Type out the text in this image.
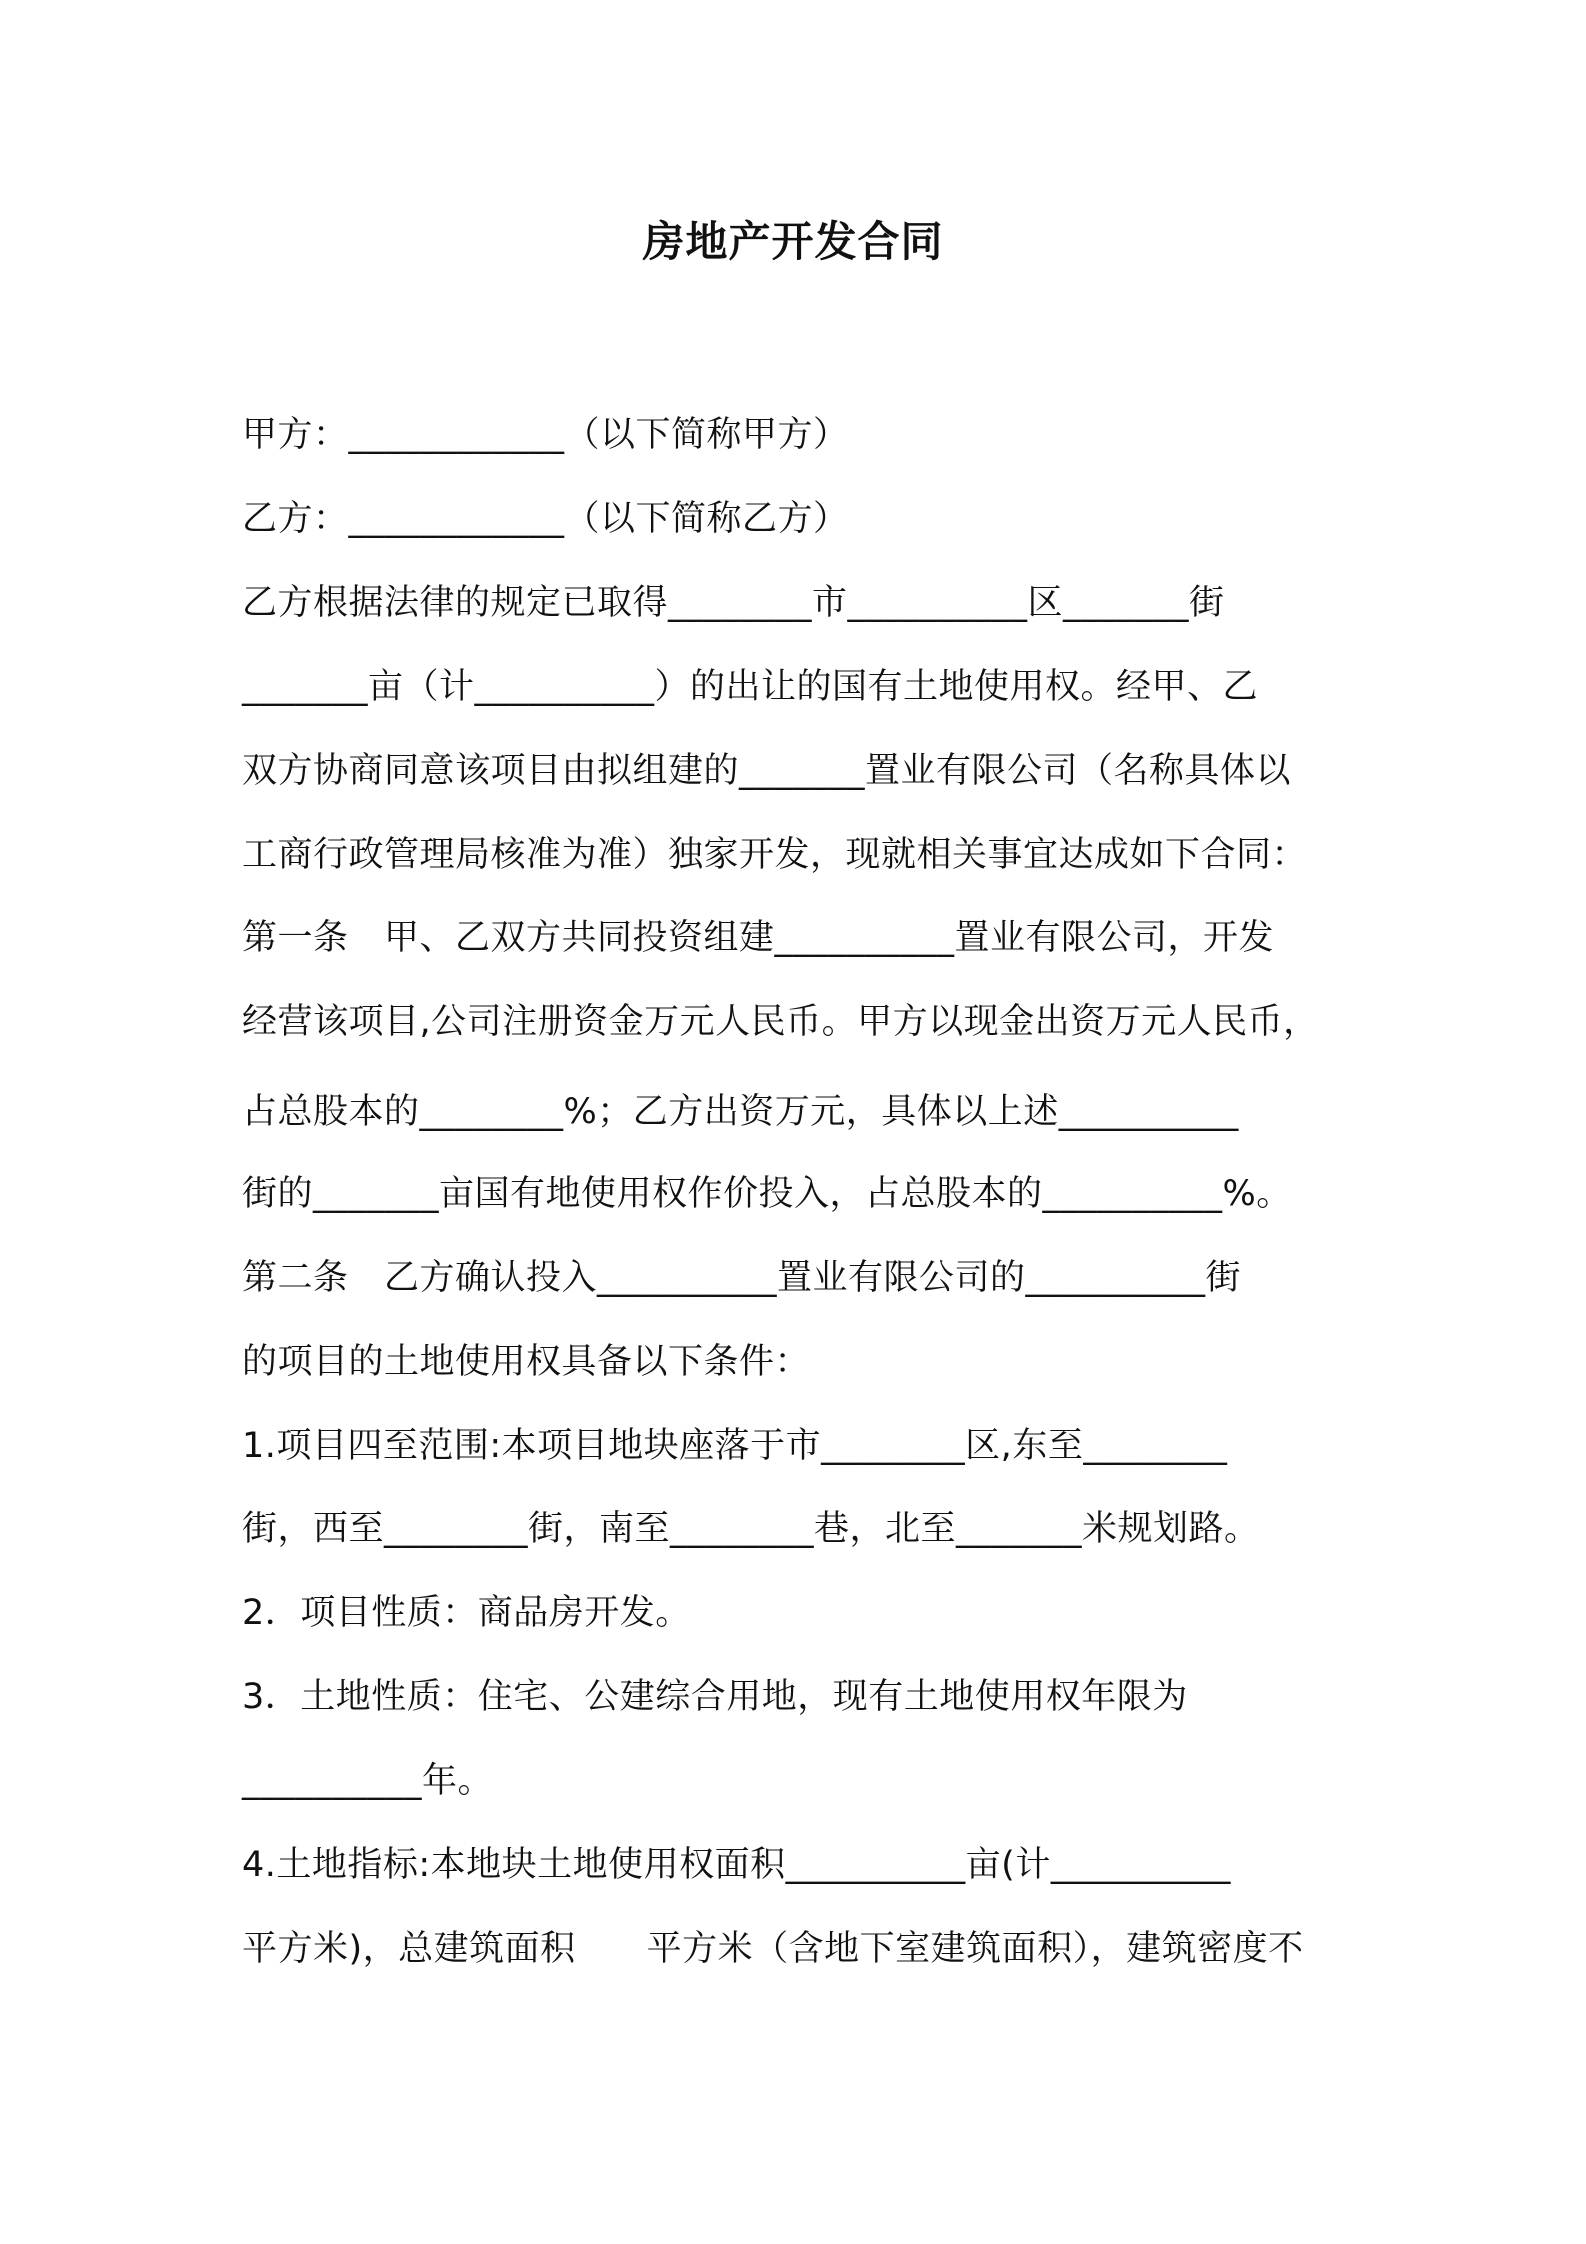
房地产开发合同
甲方：____________（以下简称甲方）
乙方：____________（以下简称乙方）
乙方根据法律的规定已取得________市__________区_______街
_______亩（计__________）的出让的国有土地使用权。经甲、乙
双方协商同意该项目由拟组建的_______置业有限公司（名称具体以
工商行政管理局核准为准）独家开发，现就相关事宜达成如下合同：
第一条　甲、乙双方共同投资组建__________置业有限公司，开发
经营该项目,公司注册资金万元人民币。甲方以现金出资万元人民币，
占总股本的________%；乙方出资万元，具体以上述__________
街的_______亩国有地使用权作价投入，占总股本的__________%。
第二条　乙方确认投入__________置业有限公司的__________街
的项目的土地使用权具备以下条件：
1.项目四至范围:本项目地块座落于市________区,东至________
街，西至________街，南至________巷，北至_______米规划路。
2．项目性质：商品房开发。
3．土地性质：住宅、公建综合用地，现有土地使用权年限为
__________年。
4.土地指标:本地块土地使用权面积__________亩(计__________
平方米)，总建筑面积　　平方米（含地下室建筑面积），建筑密度不
